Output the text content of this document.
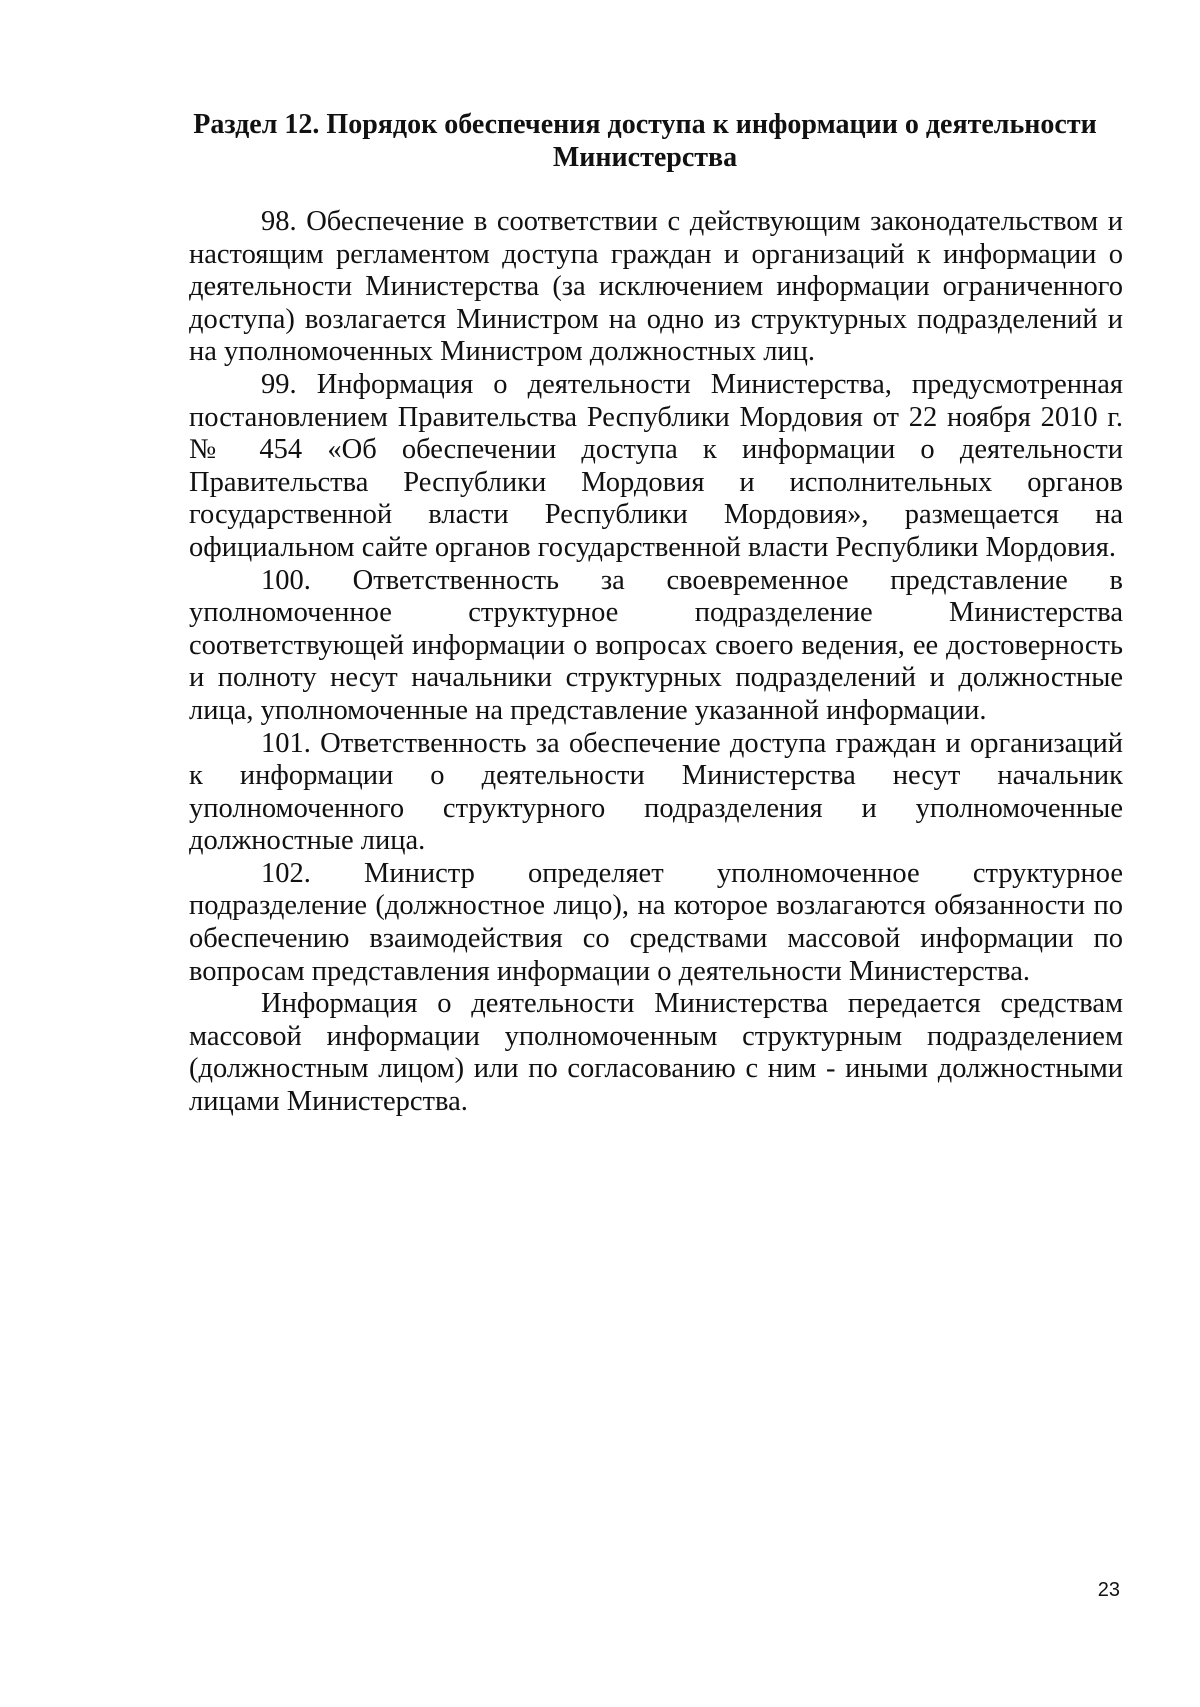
Раздел 12. Порядок обеспечения доступа к информации о деятельности
Министерства

98. Обеспечение в соответствии с действующим законодательством и настоящим регламентом доступа граждан и организаций к информации о деятельности Министерства (за исключением информации ограниченного доступа) возлагается Министром на одно из структурных подразделений и на уполномоченных Министром должностных лиц.

99. Информация о деятельности Министерства, предусмотренная постановлением Правительства Республики Мордовия от 22 ноября 2010 г. № 454 «Об обеспечении доступа к информации о деятельности Правительства Республики Мордовия и исполнительных органов государственной власти Республики Мордовия», размещается на официальном сайте органов государственной власти Республики Мордовия.

100. Ответственность за своевременное представление в уполномоченное структурное подразделение Министерства соответствующей информации о вопросах своего ведения, ее достоверность и полноту несут начальники структурных подразделений и должностные лица, уполномоченные на представление указанной информации.

101. Ответственность за обеспечение доступа граждан и организаций к информации о деятельности Министерства несут начальник уполномоченного структурного подразделения и уполномоченные должностные лица.

102. Министр определяет уполномоченное структурное подразделение (должностное лицо), на которое возлагаются обязанности по обеспечению взаимодействия со средствами массовой информации по вопросам представления информации о деятельности Министерства.

Информация о деятельности Министерства передается средствам массовой информации уполномоченным структурным подразделением (должностным лицом) или по согласованию с ним - иными должностными лицами Министерства.

23
